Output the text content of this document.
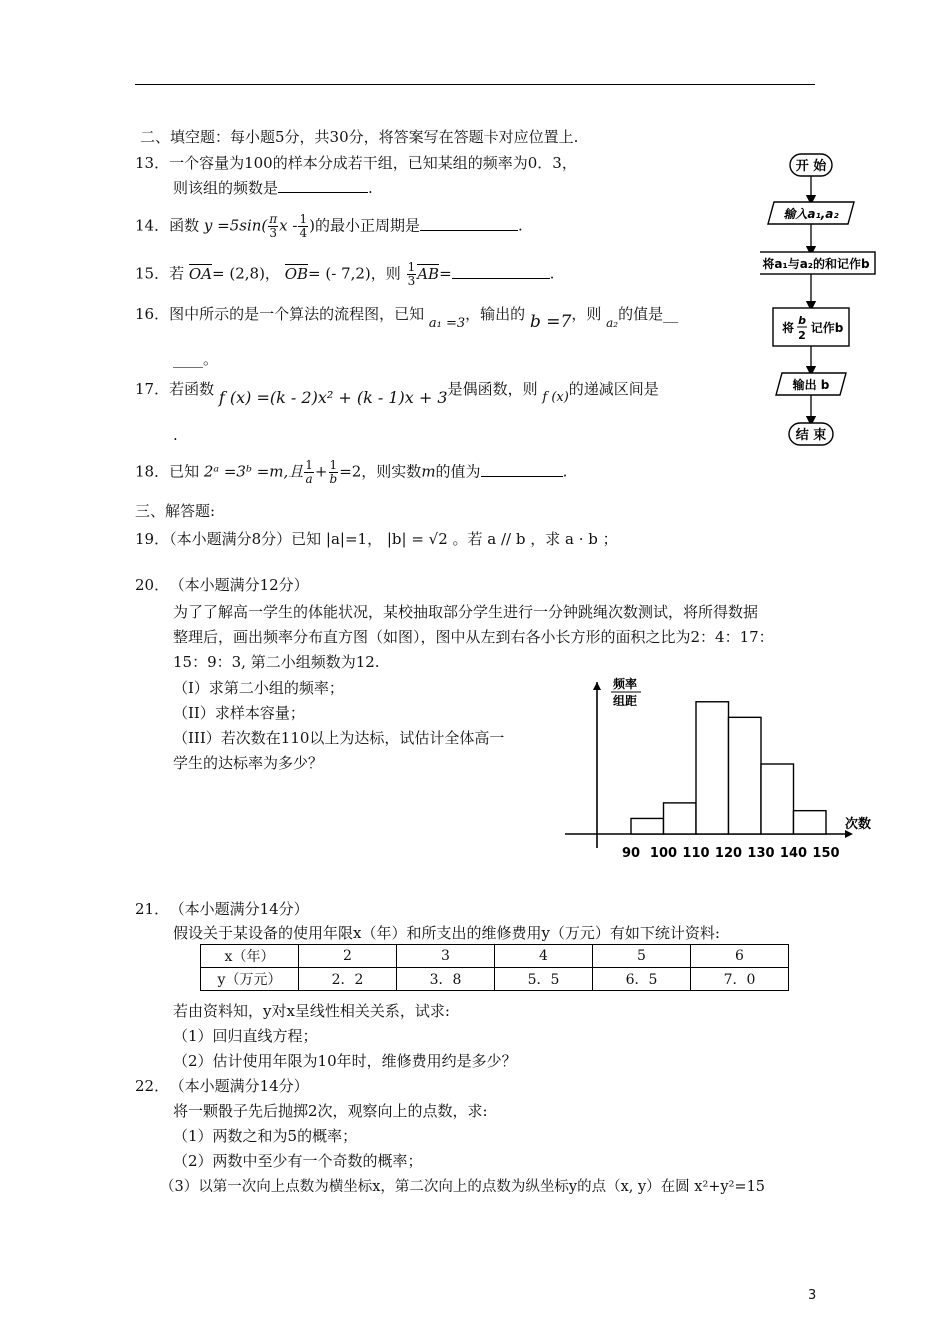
二、填空题：每小题5分，共30分，将答案写在答题卡对应位置上.
13．一个容量为100的样本分成若干组，已知某组的频率为0．3，
则该组的频数是	.
14．函数 $y =5\sin( \frac{\pi}{3}$ x - $\frac{1}{4}$ )的最小正周期是	.
15．若 OA= (2,8)， OB= (- 7,2)，则 $\frac{1}{3} AB=$	.
16．图中所示的是一个算法的流程图，已知 a₁ =3，输出的 b =7，则 $_{a_2}$的值是__
____。
17．若函数 f (x) =(k - 2)x² + (k - 1)x + 3是偶函数，则 f (x)的递减区间是
.
18．已知 2ᵃ =3ᵇ =m,且 $\frac{1}{a} + \frac{1}{b} =2$，则实数m的值为	.
三、解答题:
19．（本小题满分8分）已知 |a|=1， |b| = √2 。若 a // b ，求 a · b ；
20． （本小题满分12分）
为了了解高一学生的体能状况，某校抽取部分学生进行一分钟跳绳次数测试，将所得数据
整理后，画出频率分布直方图（如图），图中从左到右各小长方形的面积之比为2：4：17：
15：9：3, 第二小组频数为12.
（I）求第二小组的频率；
（II）求样本容量；
（III）若次数在110以上为达标，试估计全体高一
学生的达标率为多少？
频率
组距
90 100 110 120 130 140 150
次数
21． （本小题满分14分）
假设关于某设备的使用年限x（年）和所支出的维修费用y（万元）有如下统计资料:
x（年）	2	3	4	5	6
y（万元）	2．2	3．8	5．5	6．5	7．0
若由资料知，y对x呈线性相关关系，试求:
（1）回归直线方程；
（2）估计使用年限为10年时，维修费用约是多少？
22． （本小题满分14分）
将一颗骰子先后抛掷2次，观察向上的点数，求:
（1）两数之和为5的概率；
（2）两数中至少有一个奇数的概率；
（3）以第一次向上点数为横坐标x，第二次向上的点数为纵坐标y的点（x, y）在圆 x²+y²=15
开 始
输入a₁,a₂
将a₁与a₂的和记作b
将
b
2
记作b
输出 b
结 束
3
